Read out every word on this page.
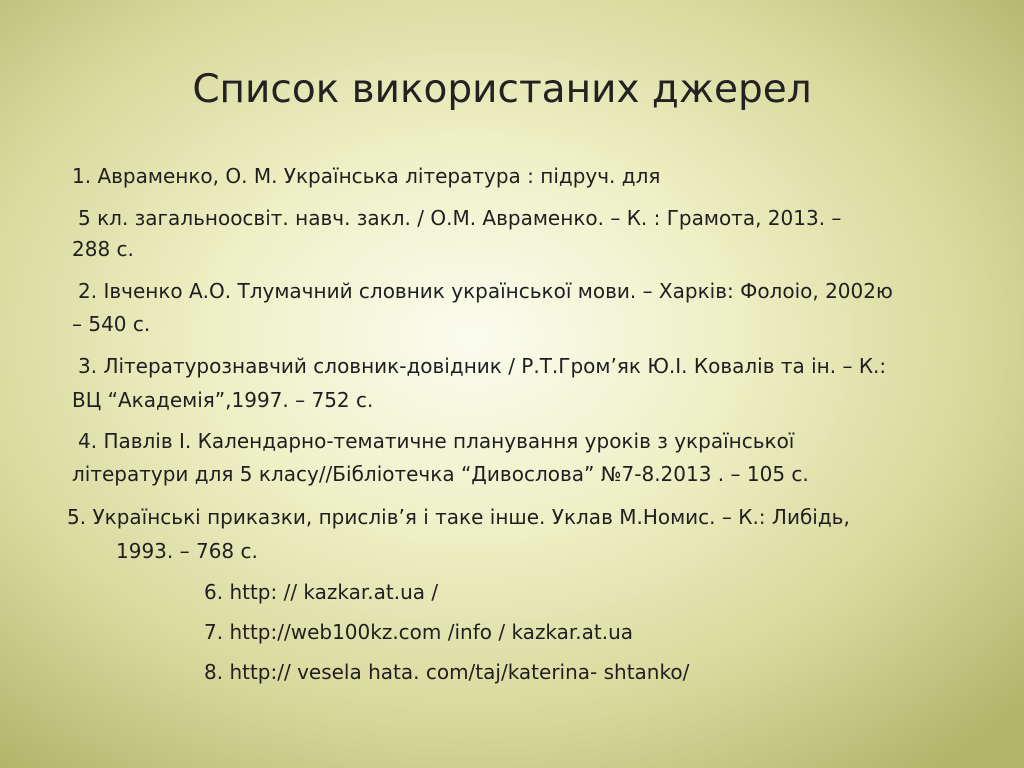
Список використаних джерел
1. Авраменко, О. М. Українська література : підруч. для
5 кл. загальноосвіт. навч. закл. / О.М. Авраменко. – К. : Грамота, 2013. –
288 с.
2. Івченко А.О. Тлумачний словник української мови. – Харків: Фолоіо, 2002ю
– 540 с.
3. Літературознавчий словник-довідник / Р.Т.Гром’як Ю.І. Ковалів та ін. – К.:
ВЦ “Академія”,1997. – 752 с.
4. Павлів І. Календарно-тематичне планування уроків з української
літератури для 5 класу//Бібліотечка “Дивослова” №7-8.2013 . – 105 с.
5. Українські приказки, прислів’я і таке інше. Уклав М.Номис. – К.: Либідь,
1993. – 768 с.
6. http: // kazkar.at.ua /
7. http://web100kz.com /info / kazkar.at.ua
8. http:// vesela hata. com/taj/katerina- shtanko/
